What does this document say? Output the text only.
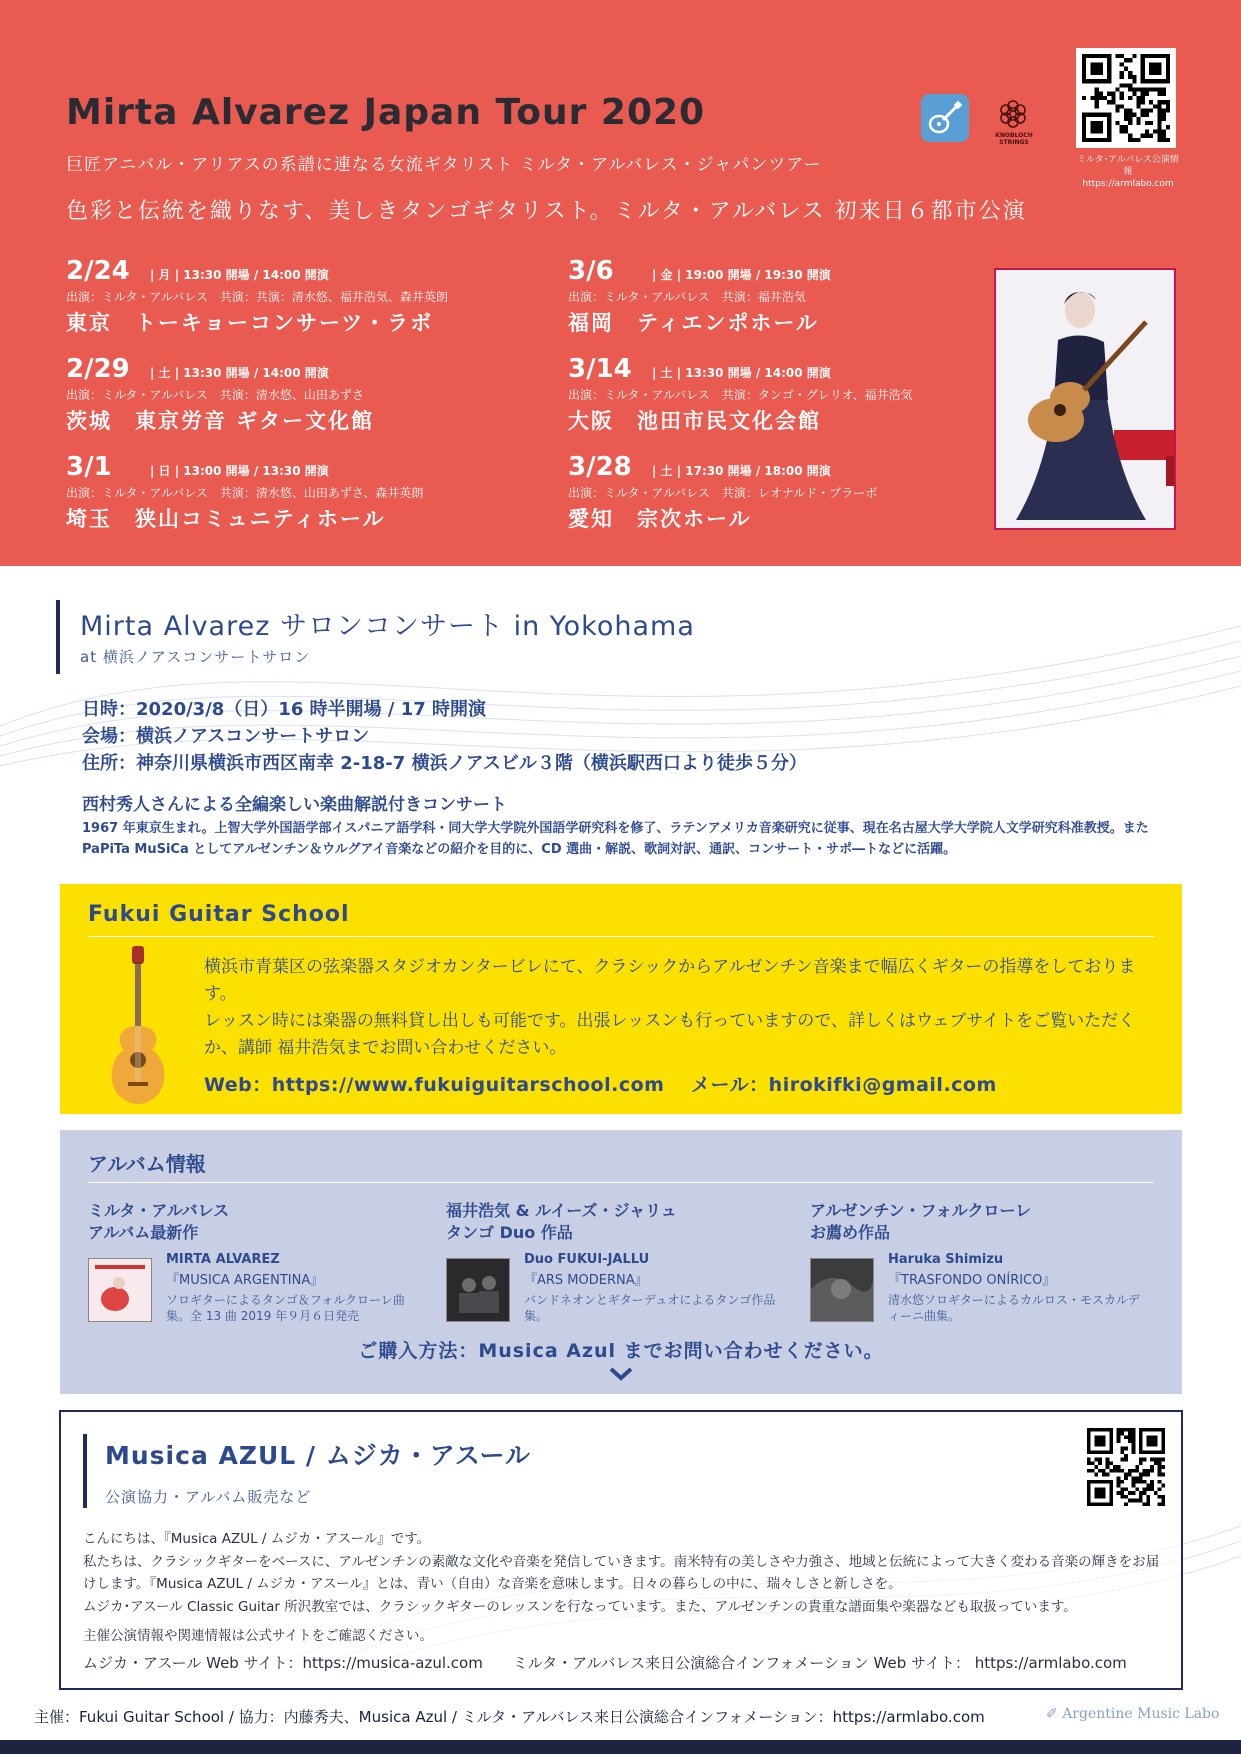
Mirta Alvarez Japan Tour 2020
巨匠アニバル・アリアスの系譜に連なる女流ギタリスト ミルタ・アルバレス・ジャパンツアー
色彩と伝統を織りなす、美しきタンゴギタリスト。ミルタ・アルバレス 初来日６都市公演
KNOBLOCH STRINGS
ミルタ･アルバレス公演情報
https://armlabo.com
2/24 | 月 | 13:30 開場 / 14:00 開演
出演：ミルタ・アルバレス　共演：共演：清水悠、福井浩気、森井英朗
東京　トーキョーコンサーツ・ラボ
2/29 | 土 | 13:30 開場 / 14:00 開演
出演：ミルタ・アルバレス　共演：清水悠、山田あずさ
茨城　東京労音 ギター文化館
3/1	| 日 | 13:00 開場 / 13:30 開演
出演：ミルタ・アルバレス　共演：清水悠、山田あずさ、森井英朗
埼玉　狭山コミュニティホール
3/6	| 金 | 19:00 開場 / 19:30 開演
出演：ミルタ・アルバレス　共演：福井浩気
福岡　ティエンポホール
3/14 | 土 | 13:30 開場 / 14:00 開演
出演：ミルタ・アルバレス　共演：タンゴ・グレリオ、福井浩気
大阪　池田市民文化会館
3/28 | 土 | 17:30 開場 / 18:00 開演
出演：ミルタ・アルバレス　共演：レオナルド・ブラーボ
愛知　宗次ホール
Mirta Alvarez サロンコンサート in Yokohama
at 横浜ノアスコンサートサロン
日時：2020/3/8（日）16 時半開場 / 17 時開演
会場：横浜ノアスコンサートサロン
住所：神奈川県横浜市西区南幸 2-18-7 横浜ノアスビル３階（横浜駅西口より徒歩５分）
西村秀人さんによる全編楽しい楽曲解説付きコンサート
1967 年東京生まれ。上智大学外国語学部イスパニア語学科・同大学大学院外国語学研究科を修了、ラテンアメリカ音楽研究に従事、現在名古屋大学大学院人文学研究科准教授。また PaPiTa MuSiCa としてアルゼンチン＆ウルグアイ音楽などの紹介を目的に、CD 選曲・解説、歌詞対訳、通訳、コンサート・サポ―トなどに活躍。
Fukui Guitar School
横浜市青葉区の弦楽器スタジオカンタービレにて、クラシックからアルゼンチン音楽まで幅広くギターの指導をしております。
レッスン時には楽器の無料貸し出しも可能です。出張レッスンも行っていますので、詳しくはウェブサイトをご覧いただくか、講師 福井浩気までお問い合わせください。
Web：https://www.fukuiguitarschool.com　 メール：hirokifki@gmail.com
アルバム情報
ミルタ・アルバレス
アルバム最新作
MIRTA ALVAREZ
『MUSICA ARGENTINA』
ソロギターによるタンゴ＆フォルクローレ曲集。全 13 曲 2019 年９月６日発売
福井浩気 & ルイーズ・ジャリュ
タンゴ Duo 作品
Duo FUKUI-JALLU
『ARS MODERNA』
バンドネオンとギターデュオによるタンゴ作品集。
アルゼンチン・フォルクローレ
お薦め作品
Haruka Shimizu
『TRASFONDO ONÍRICO』
清水悠ソロギターによるカルロス・モスカルディーニ曲集。
ご購入方法：Musica Azul までお問い合わせください。
Musica AZUL / ムジカ・アスール
公演協力・アルバム販売など
こんにちは、『Musica AZUL / ムジカ・アスール』です。
私たちは、クラシックギターをベースに、アルゼンチンの素敵な文化や音楽を発信していきます。南米特有の美しさや力強さ、地域と伝統によって大きく変わる音楽の輝きをお届けします。『Musica AZUL / ムジカ・アスール』とは、青い（自由）な音楽を意味します。日々の暮らしの中に、瑞々しさと新しさを。
ムジカ･アスール Classic Guitar 所沢教室では、クラシックギターのレッスンを行なっています。また、アルゼンチンの貴重な譜面集や楽器なども取扱っています。
主催公演情報や関連情報は公式サイトをご確認ください。
ムジカ・アスール Web サイト：https://musica-azul.com　　ミルタ・アルバレス来日公演総合インフォメーション Web サイト： https://armlabo.com
主催：Fukui Guitar School / 協力：内藤秀夫、Musica Azul / ミルタ・アルバレス来日公演総合インフォメーション：https://armlabo.com	✐ Argentine Music Labo
